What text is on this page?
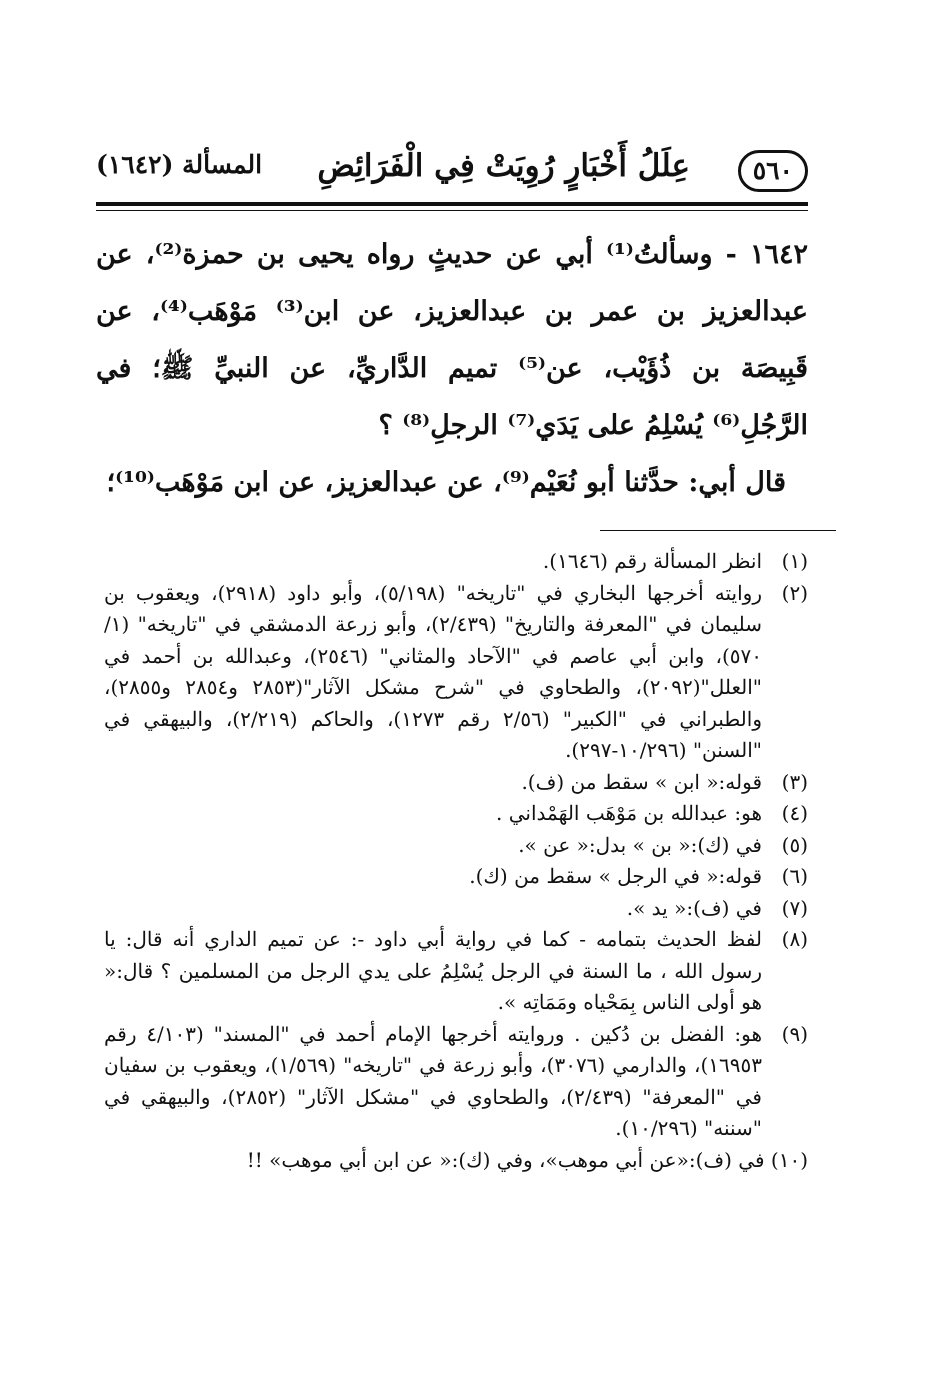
٥٦٠
عِلَلُ أَخْبَارٍ رُوِيَتْ فِي الْفَرَائِضِ
المسألة (١٦٤٢)

١٦٤٢ - وسألتُ⁽¹⁾ أبي عن حديثٍ رواه يحيى بن حمزة⁽²⁾، عن عبدالعزيز بن عمر بن عبدالعزيز، عن ابن⁽³⁾ مَوْهَب⁽⁴⁾، عن قَبِيصَة بن ذُؤَيْب، عن⁽⁵⁾ تميم الدَّاريِّ، عن النبيِّ ﷺ؛ في الرَّجُلِ⁽⁶⁾ يُسْلِمُ على يَدَي⁽⁷⁾ الرجلِ⁽⁸⁾ ؟

قال أبي: حدَّثنا أبو نُعَيْم⁽⁹⁾، عن عبدالعزيز، عن ابن مَوْهَب⁽¹⁰⁾؛

(١)
انظر المسألة رقم (١٦٤٦).
(٢)
روايته أخرجها البخاري في "تاريخه" (٥/١٩٨)، وأبو داود (٢٩١٨)، ويعقوب بن سليمان في "المعرفة والتاريخ" (٢/٤٣٩)، وأبو زرعة الدمشقي في "تاريخه" (١/ ٥٧٠)، وابن أبي عاصم في "الآحاد والمثاني" (٢٥٤٦)، وعبدالله بن أحمد في "العلل"(٢٠٩٢)، والطحاوي في "شرح مشكل الآثار"(٢٨٥٣ و٢٨٥٤ و٢٨٥٥)، والطبراني في "الكبير" (٢/٥٦ رقم ١٢٧٣)، والحاكم (٢/٢١٩)، والبيهقي في "السنن" (١٠/٢٩٦-٢٩٧).
(٣)
قوله:« ابن » سقط من (ف).
(٤)
هو: عبدالله بن مَوْهَب الهَمْداني .
(٥)
في (ك):« بن » بدل:« عن ».
(٦)
قوله:« في الرجل » سقط من (ك).
(٧)
في (ف):« يد ».
(٨)
لفظ الحديث بتمامه - كما في رواية أبي داود -: عن تميم الداري أنه قال: يا رسول الله ، ما السنة في الرجل يُسْلِمُ على يدي الرجل من المسلمين ؟ قال:« هو أولى الناس بِمَحْياه ومَمَاتِه ».
(٩)
هو: الفضل بن دُكين . وروايته أخرجها الإمام أحمد في "المسند" (٤/١٠٣ رقم ١٦٩٥٣)، والدارمي (٣٠٧٦)، وأبو زرعة في "تاريخه" (١/٥٦٩)، ويعقوب بن سفيان في "المعرفة" (٢/٤٣٩)، والطحاوي في "مشكل الآثار" (٢٨٥٢)، والبيهقي في "سننه" (١٠/٢٩٦).
(١٠) في (ف):«عن أبي موهب»، وفي (ك):« عن ابن أبي موهب» !!
